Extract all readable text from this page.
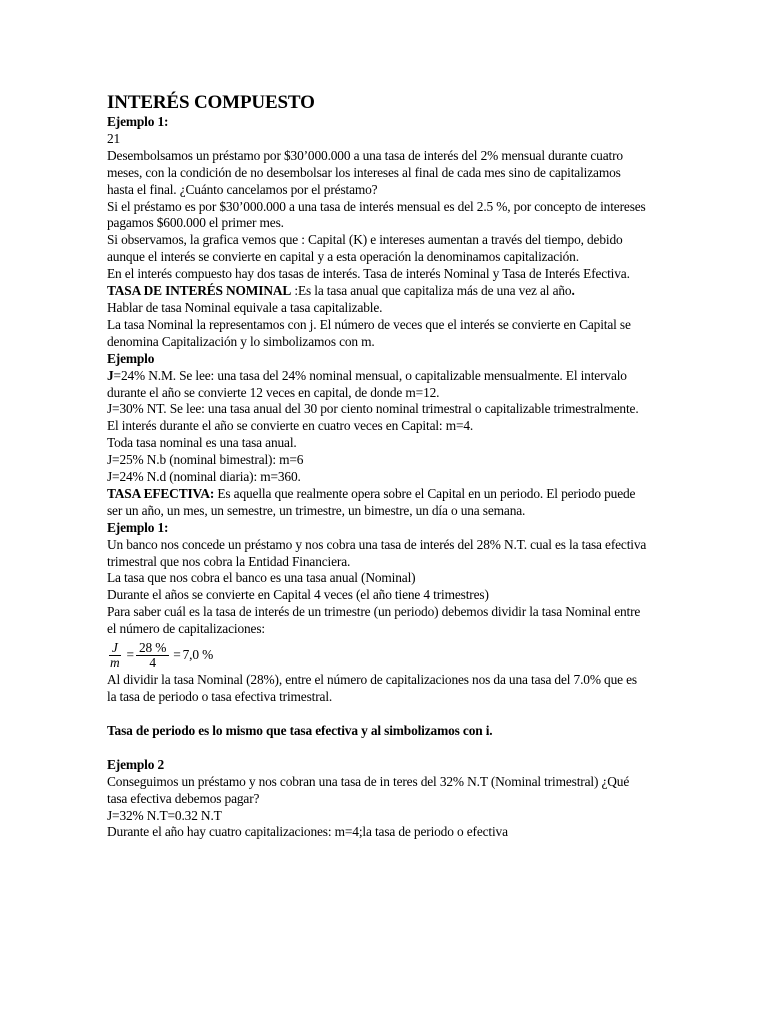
INTERÉS COMPUESTO

Ejemplo 1:

21

Desembolsamos un préstamo por $30’000.000 a una tasa de interés del 2% mensual durante cuatro meses, con la condición de no desembolsar los intereses al final de cada mes sino de capitalizamos hasta el final. ¿Cuánto cancelamos por el préstamo?

Si el préstamo es por $30’000.000 a una tasa de interés mensual es del 2.5 %, por concepto de intereses pagamos $600.000 el primer mes.

Si observamos, la grafica vemos que : Capital (K) e intereses aumentan a través del tiempo, debido aunque el interés se convierte en capital y a esta operación la denominamos capitalización.

En el interés compuesto hay dos tasas de interés. Tasa de interés Nominal y Tasa de Interés Efectiva.

TASA DE INTERÉS NOMINAL :Es la tasa anual que capitaliza más de una vez al año.

Hablar de tasa Nominal equivale a tasa capitalizable.

La tasa Nominal la representamos con j. El número de veces que el interés se convierte en Capital se denomina Capitalización y lo simbolizamos con m.

Ejemplo

J=24% N.M. Se lee: una tasa del 24% nominal mensual, o capitalizable mensualmente. El intervalo durante el año se convierte 12 veces en capital, de donde m=12.

J=30% NT. Se lee: una tasa anual del 30 por ciento nominal trimestral o capitalizable trimestralmente. El interés durante el año se convierte en cuatro veces en Capital: m=4.

Toda tasa nominal es una tasa anual.

J=25% N.b (nominal bimestral): m=6

J=24% N.d (nominal diaria): m=360.

TASA EFECTIVA: Es aquella que realmente opera sobre el Capital en un periodo. El periodo puede ser un año, un mes, un semestre, un trimestre, un bimestre, un día o una semana.

Ejemplo 1:

Un banco nos concede un préstamo y nos cobra una tasa de interés del 28% N.T. cual es la tasa efectiva trimestral que nos cobra la Entidad Financiera.

La tasa que nos cobra el banco es una tasa anual (Nominal)

Durante el años se convierte en Capital 4 veces (el año tiene 4 trimestres)

Para saber cuál es la tasa de interés de un trimestre (un periodo) debemos dividir la tasa Nominal entre el número de capitalizaciones:

$\frac{J}{m} = \frac{28 \%}{4} = 7,0$ %

Al dividir la tasa Nominal (28%), entre el número de capitalizaciones nos da una tasa del 7.0% que es la tasa de periodo o tasa efectiva trimestral.

Tasa de periodo es lo mismo que tasa efectiva y al simbolizamos con i.

Ejemplo 2

Conseguimos un préstamo y nos cobran una tasa de in teres del 32% N.T (Nominal trimestral) ¿Qué tasa efectiva debemos pagar?

J=32% N.T=0.32 N.T

Durante el año hay cuatro capitalizaciones: m=4;la tasa de periodo o efectiva
